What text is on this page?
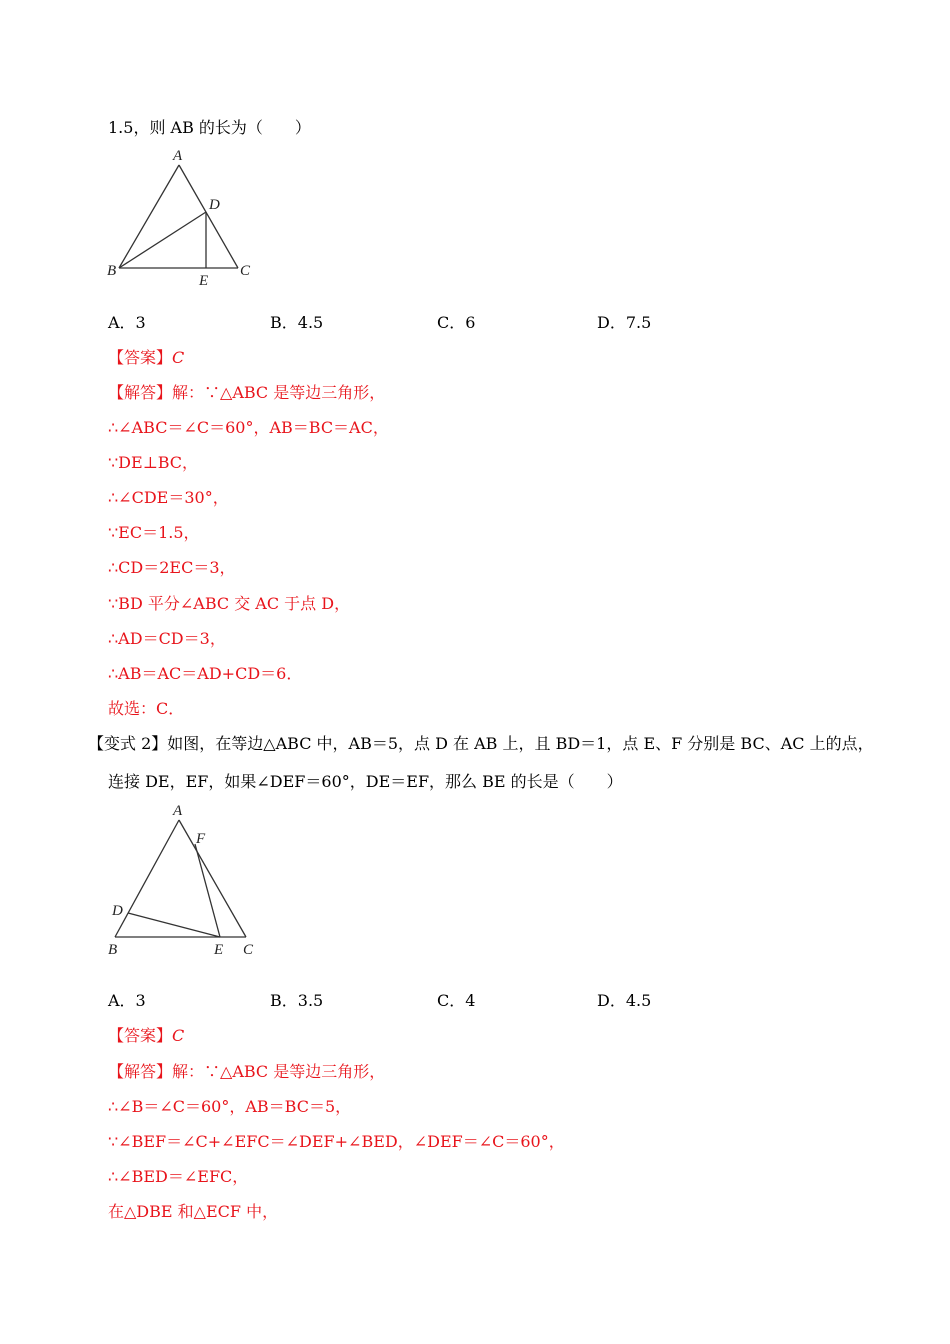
1.5，则 AB 的长为（　　）
A
B	C
D
E
A．3	B．4.5	C．6	D．7.5
【答案】C
【解答】解：∵△ABC 是等边三角形，
∴∠ABC＝∠C＝60°，AB＝BC＝AC，
∵DE⊥BC，
∴∠CDE＝30°，
∵EC＝1.5，
∴CD＝2EC＝3，
∵BD 平分∠ABC 交 AC 于点 D，
∴AD＝CD＝3，
∴AB＝AC＝AD+CD＝6．
故选：C．
【变式 2】如图，在等边△ABC 中，AB＝5，点 D 在 AB 上，且 BD＝1，点 E、F 分别是 BC、AC 上的点，
连接 DE，EF，如果∠DEF＝60°，DE＝EF，那么 BE 的长是（　　）
A
B	C
D
E
F
A．3	B．3.5	C．4	D．4.5
【答案】C
【解答】解：∵△ABC 是等边三角形，
∴∠B＝∠C＝60°，AB＝BC＝5，
∵∠BEF＝∠C+∠EFC＝∠DEF+∠BED，∠DEF＝∠C＝60°，
∴∠BED＝∠EFC，
在△DBE 和△ECF 中，
